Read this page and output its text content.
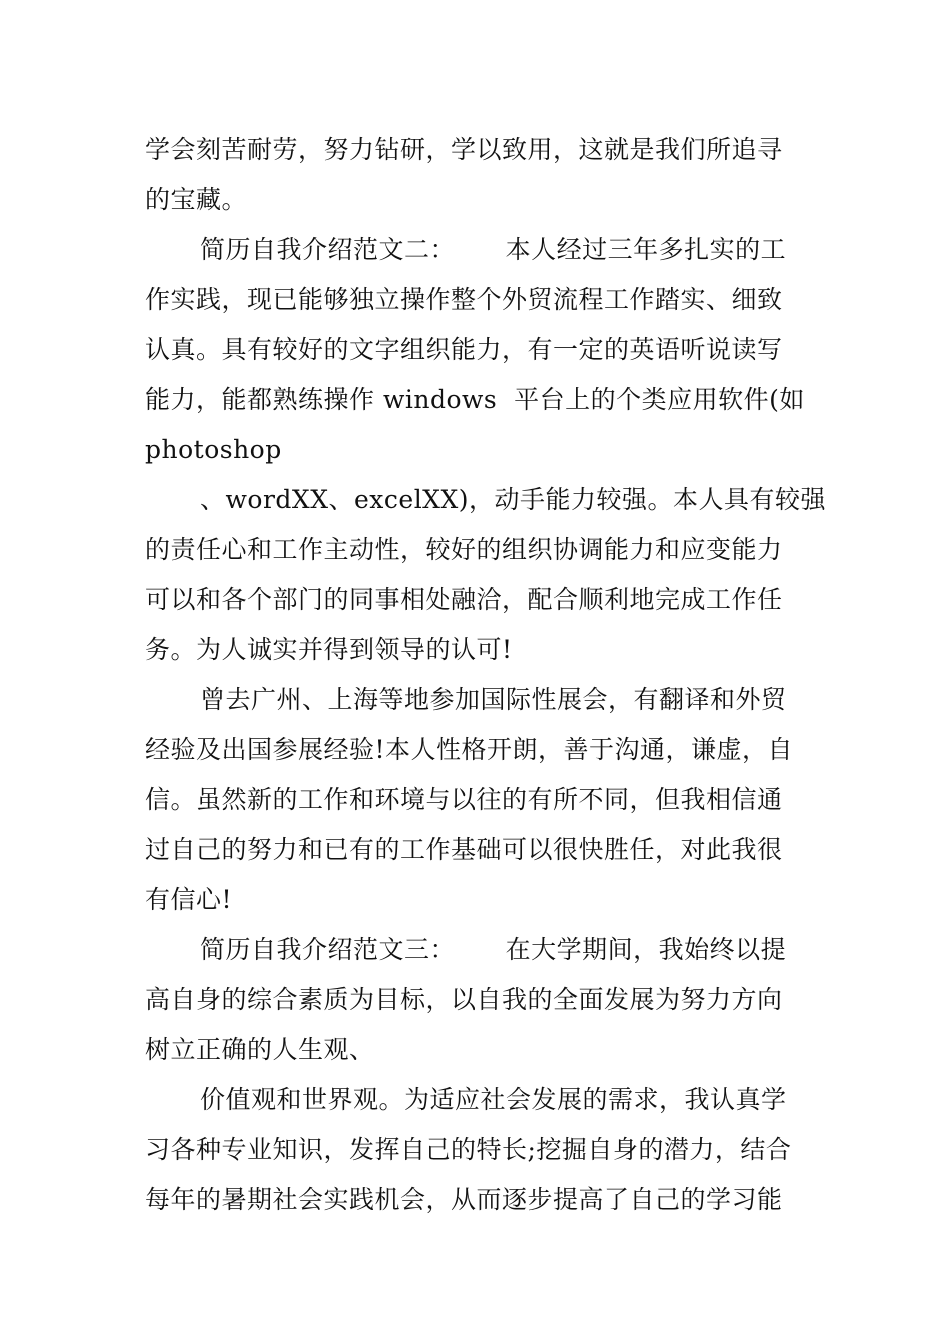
学会刻苦耐劳，努力钻研，学以致用，这就是我们所追寻
的宝藏。
简历自我介绍范文二：      本人经过三年多扎实的工
作实践，现已能够独立操作整个外贸流程工作踏实、细致
认真。具有较好的文字组织能力，有一定的英语听说读写
能力，能都熟练操作 windows  平台上的个类应用软件(如
photoshop
、wordXX、excelXX)，动手能力较强。本人具有较强
的责任心和工作主动性，较好的组织协调能力和应变能力
可以和各个部门的同事相处融洽，配合顺利地完成工作任
务。为人诚实并得到领导的认可!
曾去广州、上海等地参加国际性展会，有翻译和外贸
经验及出国参展经验!本人性格开朗，善于沟通，谦虚，自
信。虽然新的工作和环境与以往的有所不同，但我相信通
过自己的努力和已有的工作基础可以很快胜任，对此我很
有信心!
简历自我介绍范文三：      在大学期间，我始终以提
高自身的综合素质为目标，以自我的全面发展为努力方向
树立正确的人生观、
价值观和世界观。为适应社会发展的需求，我认真学
习各种专业知识，发挥自己的特长;挖掘自身的潜力，结合
每年的暑期社会实践机会，从而逐步提高了自己的学习能
